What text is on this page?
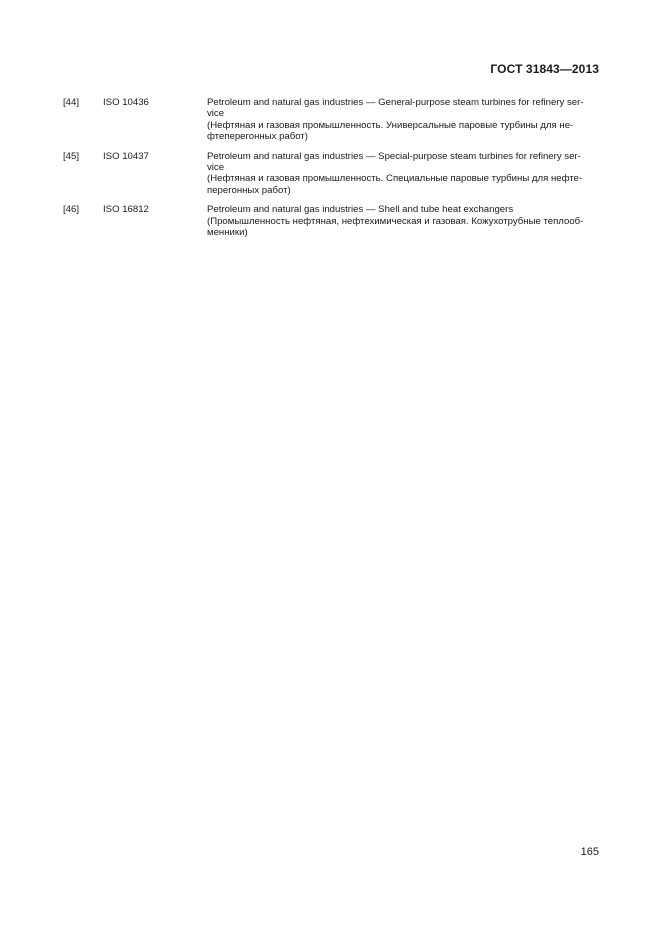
ГОСТ 31843—2013
[44]	ISO 10436	Petroleum and natural gas industries — General-purpose steam turbines for refinery ser-
vice
(Нефтяная и газовая промышленность. Универсальные паровые турбины для не-
фтеперегонных работ)
[45]	ISO 10437	Petroleum and natural gas industries — Special-purpose steam turbines for refinery ser-
vice
(Нефтяная и газовая промышленность. Специальные паровые турбины для нефте-
перегонных работ)
[46]	ISO 16812	Petroleum and natural gas industries — Shell and tube heat exchangers
(Промышленность нефтяная, нефтехимическая и газовая. Кожухотрубные теплооб-
менники)
165
